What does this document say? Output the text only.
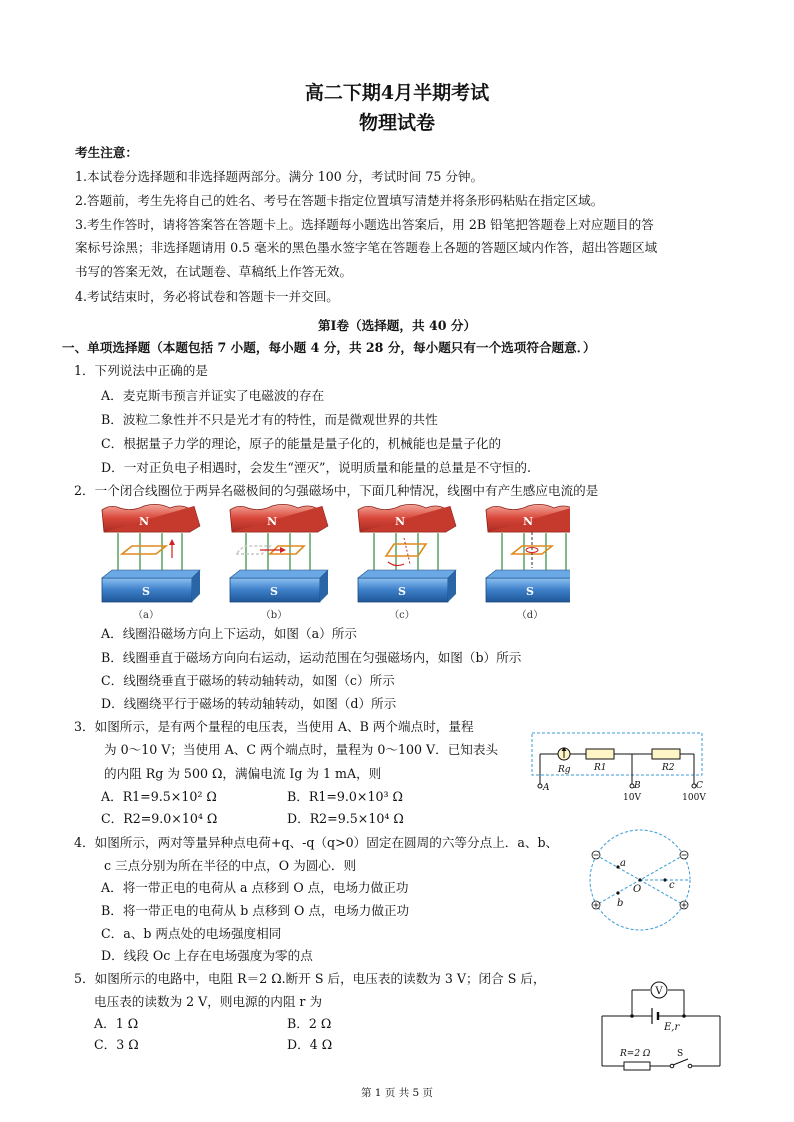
高二下期4月半期考试
物理试卷
考生注意：
1.本试卷分选择题和非选择题两部分。满分 100 分，考试时间 75 分钟。
2.答题前，考生先将自己的姓名、考号在答题卡指定位置填写清楚并将条形码粘贴在指定区域。
3.考生作答时，请将答案答在答题卡上。选择题每小题选出答案后，用 2B 铅笔把答题卷上对应题目的答
案标号涂黑；非选择题请用 0.5 毫米的黑色墨水签字笔在答题卷上各题的答题区域内作答，超出答题区域
书写的答案无效，在试题卷、草稿纸上作答无效。
4.考试结束时，务必将试卷和答题卡一并交回。
第Ⅰ卷（选择题，共 40 分）
一、单项选择题（本题包括 7 小题，每小题 4 分，共 28 分，每小题只有一个选项符合题意．）
1．下列说法中正确的是
A．麦克斯韦预言并证实了电磁波的存在
B．波粒二象性并不只是光才有的特性，而是微观世界的共性
C．根据量子力学的理论，原子的能量是量子化的，机械能也是量子化的
D．一对正负电子相遇时，会发生“湮灭”，说明质量和能量的总量是不守恒的.
2．一个闭合线圈位于两异名磁极间的匀强磁场中，下面几种情况，线圈中有产生感应电流的是
N
S
N
S
N
S
N
S
（a）	（b）	（c）	（d）
A．线圈沿磁场方向上下运动，如图（a）所示
B．线圈垂直于磁场方向向右运动，运动范围在匀强磁场内，如图（b）所示
C．线圈绕垂直于磁场的转动轴转动，如图（c）所示
D．线圈绕平行于磁场的转动轴转动，如图（d）所示
3．如图所示，是有两个量程的电压表，当使用 A、B 两个端点时，量程
为 0～10 V；当使用 A、C 两个端点时，量程为 0～100 V．已知表头
的内阻 Rg 为 500 Ω，满偏电流 Ig 为 1 mA，则
A．R1=9.5×10² Ω	B．R1=9.0×10³ Ω
C．R2=9.0×10⁴ Ω	D．R2=9.5×10⁴ Ω
Rg	R1	R2
A	B	C
10V	100V
4．如图所示，两对等量异种点电荷+q、-q（q>0）固定在圆周的六等分点上．a、b、
c 三点分别为所在半径的中点，O 为圆心．则
A．将一带正电的电荷从 a 点移到 O 点，电场力做正功
B．将一带正电的电荷从 b 点移到 O 点，电场力做正功
C．a、b 两点处的电场强度相同
D．线段 Oc 上存在电场强度为零的点
a
b
c
O
5．如图所示的电路中，电阻 R＝2 Ω.断开 S 后，电压表的读数为 3 V；闭合 S 后，
电压表的读数为 2 V，则电源的内阻 r 为
A．1 Ω	B．2 Ω
C．3 Ω	D．4 Ω
V
E,r
R=2 Ω	S
第 1 页 共 5 页
